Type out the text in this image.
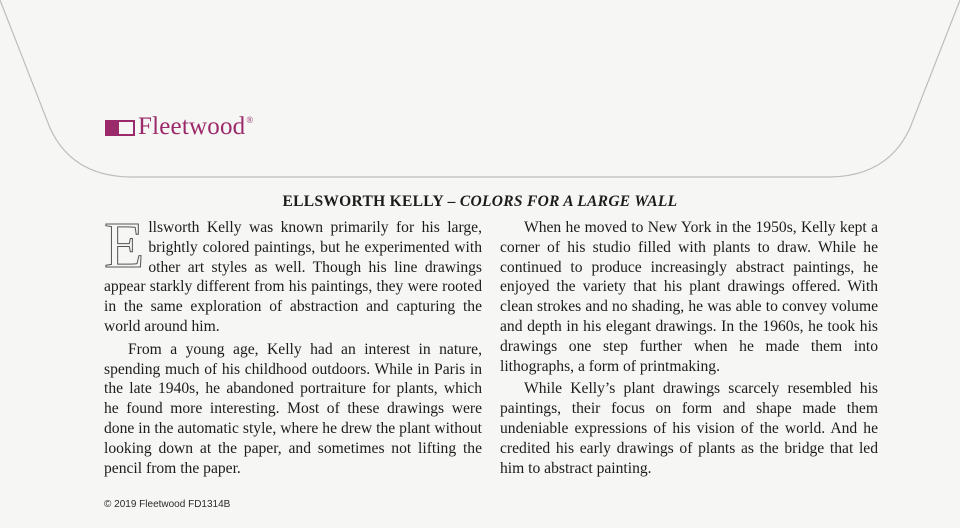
Fleetwood®
ELLSWORTH KELLY – COLORS FOR A LARGE WALL

Ellsworth Kelly was known primarily for his large, brightly colored paintings, but he experimented with other art styles as well. Though his line drawings appear starkly different from his paintings, they were rooted in the same exploration of abstraction and capturing the world around him.

From a young age, Kelly had an interest in nature, spending much of his childhood outdoors. While in Paris in the late 1940s, he abandoned portraiture for plants, which he found more interesting. Most of these drawings were done in the automatic style, where he drew the plant without looking down at the paper, and sometimes not lifting the pencil from the paper.

When he moved to New York in the 1950s, Kelly kept a corner of his studio filled with plants to draw. While he continued to produce increasingly abstract paintings, he enjoyed the variety that his plant drawings offered. With clean strokes and no shading, he was able to convey volume and depth in his elegant drawings. In the 1960s, he took his drawings one step further when he made them into lithographs, a form of printmaking.

While Kelly’s plant drawings scarcely resembled his paintings, their focus on form and shape made them undeniable expressions of his vision of the world. And he credited his early drawings of plants as the bridge that led him to abstract painting.

© 2019 Fleetwood FD1314B
